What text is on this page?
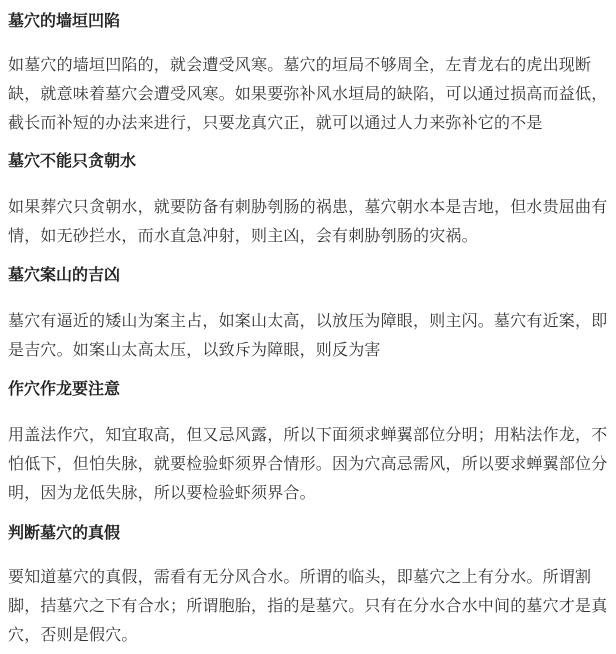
墓穴的墙垣凹陷

如墓穴的墙垣凹陷的，就会遭受风寒。墓穴的垣局不够周全，左青龙右的虎出现断缺，就意味着墓穴会遭受风寒。如果要弥补风水垣局的缺陷，可以通过损高而益低，截长而补短的办法来进行，只要龙真穴正，就可以通过人力来弥补它的不是

墓穴不能只贪朝水

如果葬穴只贪朝水，就要防备有刺胁刳肠的祸患，墓穴朝水本是吉地，但水贵屈曲有情，如无砂拦水，而水直急冲射，则主凶，会有刺胁刳肠的灾祸。

墓穴案山的吉凶

墓穴有逼近的矮山为案主占，如案山太高，以放压为障眼，则主闪。墓穴有近案，即是吉穴。如案山太高太压，以致斥为障眼，则反为害

作穴作龙要注意

用盖法作穴，知宜取高，但又忌风露，所以下面须求蝉翼部位分明；用粘法作龙，不怕低下，但怕失脉，就要检验虾须界合情形。因为穴高忌需风，所以要求蝉翼部位分明，因为龙低失脉，所以要检验虾须界合。

判断墓穴的真假

要知道墓穴的真假，需看有无分风合水。所谓的临头，即墓穴之上有分水。所谓割脚，拮墓穴之下有合水；所谓胞胎，指的是墓穴。只有在分水合水中间的墓穴才是真穴，否则是假穴。
